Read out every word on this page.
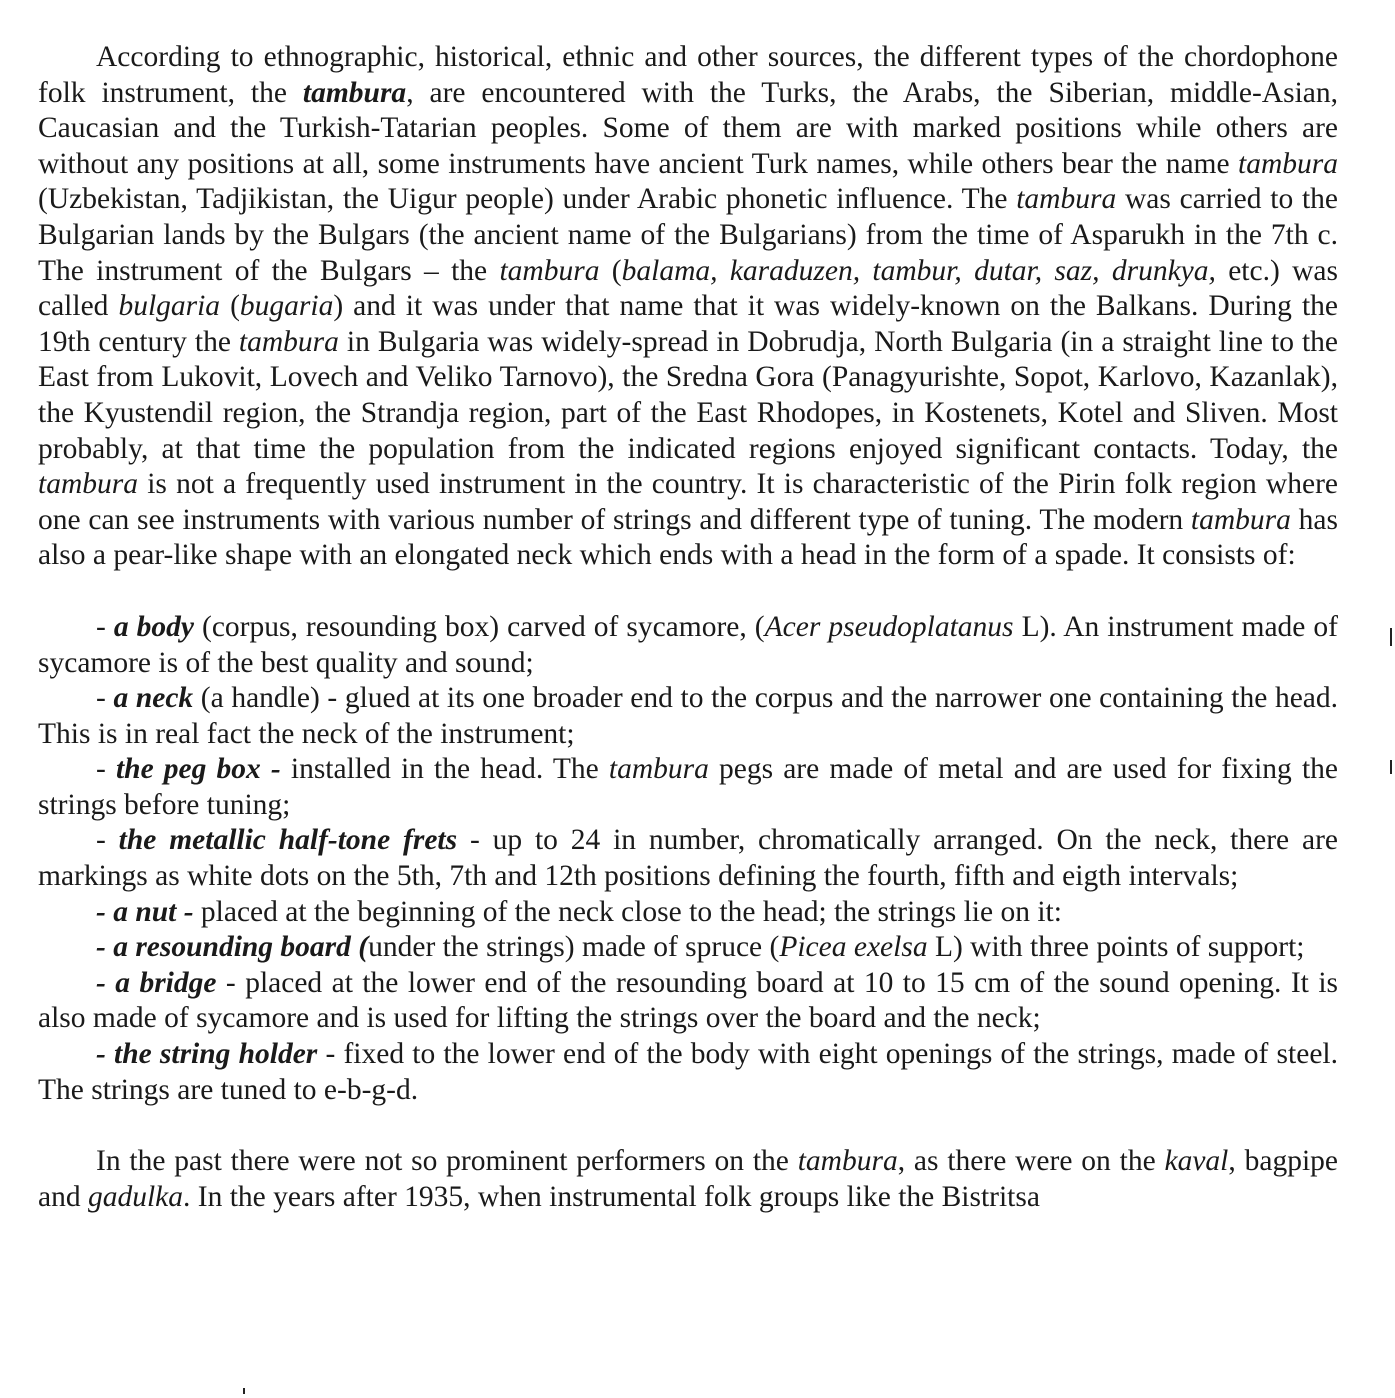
According to ethnographic, historical, ethnic and other sources, the different types of the chordophone folk instrument, the tambura, are encountered with the Turks, the Arabs, the Siberian, middle-Asian, Caucasian and the Turkish-Tatarian peoples. Some of them are with marked positions while others are without any positions at all, some instruments have ancient Turk names, while others bear the name tambura (Uzbekistan, Tadjikistan, the Uigur people) under Arabic phonetic influence. The tambura was carried to the Bulgarian lands by the Bulgars (the ancient name of the Bulgarians) from the time of Asparukh in the 7th c. The instrument of the Bulgars – the tambura (balama, karaduzen, tambur, dutar, saz, drunkya, etc.) was called bulgaria (bugaria) and it was under that name that it was widely-known on the Balkans. During the 19th century the tambura in Bulgaria was widely-spread in Dobrudja, North Bulgaria (in a straight line to the East from Lukovit, Lovech and Veliko Tarnovo), the Sredna Gora (Panagyurishte, Sopot, Karlovo, Kazanlak), the Kyustendil region, the Strandja region, part of the East Rhodopes, in Kostenets, Kotel and Sliven. Most probably, at that time the population from the indicated regions enjoyed significant contacts. Today, the tambura is not a frequently used instrument in the country. It is characteristic of the Pirin folk region where one can see instruments with various number of strings and different type of tuning. The modern tambura has also a pear-like shape with an elongated neck which ends with a head in the form of a spade. It consists of:

- a body (corpus, resounding box) carved of sycamore, (Acer pseudoplatanus L). An instrument made of sycamore is of the best quality and sound;

- a neck (a handle) - glued at its one broader end to the corpus and the narrower one containing the head. This is in real fact the neck of the instrument;

- the peg box - installed in the head. The tambura pegs are made of metal and are used for fixing the strings before tuning;

- the metallic half-tone frets - up to 24 in number, chromatically arranged. On the neck, there are markings as white dots on the 5th, 7th and 12th positions defining the fourth, fifth and eigth intervals;

- a nut - placed at the beginning of the neck close to the head; the strings lie on it:

- a resounding board (under the strings) made of spruce (Picea exelsa L) with three points of support;

- a bridge - placed at the lower end of the resounding board at 10 to 15 cm of the sound opening. It is also made of sycamore and is used for lifting the strings over the board and the neck;

- the string holder - fixed to the lower end of the body with eight openings of the strings, made of steel. The strings are tuned to e-b-g-d.

In the past there were not so prominent performers on the tambura, as there were on the kaval, bagpipe and gadulka. In the years after 1935, when instrumental folk groups like the Bistritsa
